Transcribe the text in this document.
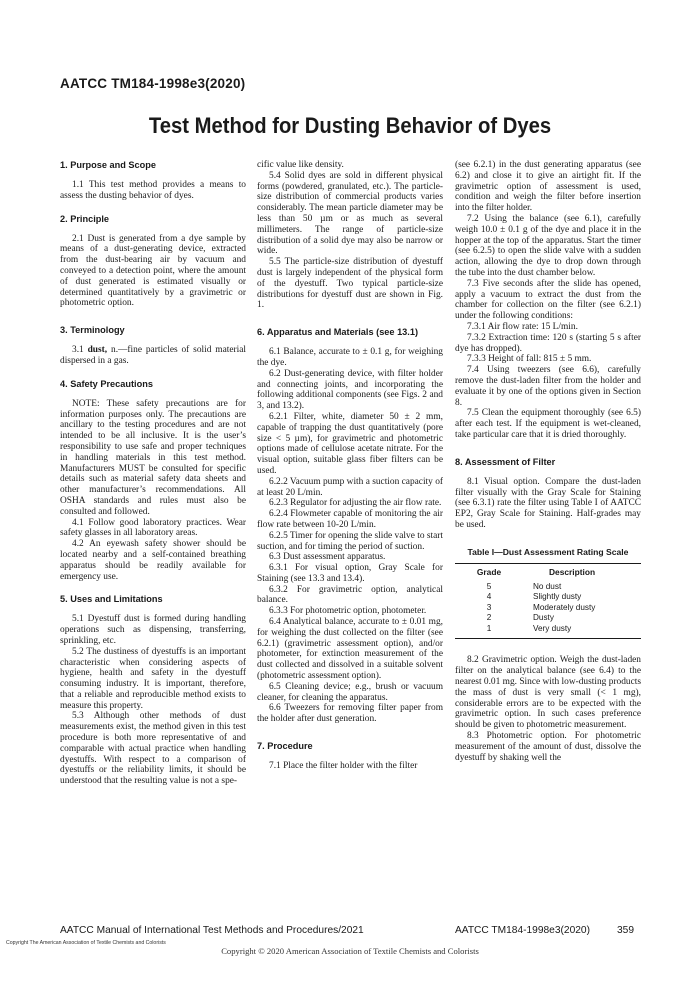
AATCC TM184-1998e3(2020)
Test Method for Dusting Behavior of Dyes
1. Purpose and Scope

1.1 This test method provides a means to assess the dusting behavior of dyes.

2. Principle

2.1 Dust is generated from a dye sample by means of a dust-generating device, extracted from the dust-bearing air by vacuum and conveyed to a detection point, where the amount of dust generated is estimated visually or determined quantitatively by a gravimetric or photometric option.

3. Terminology

3.1 dust, n.—fine particles of solid material dispersed in a gas.

4. Safety Precautions

NOTE: These safety precautions are for information purposes only. The precautions are ancillary to the testing procedures and are not intended to be all inclusive. It is the user’s responsibility to use safe and proper techniques in handling materials in this test method. Manufacturers MUST be consulted for specific details such as material safety data sheets and other manufacturer’s recommendations. All OSHA standards and rules must also be consulted and followed.

4.1 Follow good laboratory practices. Wear safety glasses in all laboratory areas.

4.2 An eyewash safety shower should be located nearby and a self-contained breathing apparatus should be readily available for emergency use.

5. Uses and Limitations

5.1 Dyestuff dust is formed during handling operations such as dispensing, transferring, sprinkling, etc.

5.2 The dustiness of dyestuffs is an important characteristic when considering aspects of hygiene, health and safety in the dyestuff consuming industry. It is important, therefore, that a reliable and reproducible method exists to measure this property.

5.3 Although other methods of dust measurements exist, the method given in this test procedure is both more representative of and comparable with actual practice when handling dyestuffs. With respect to a comparison of dyestuffs or the reliability limits, it should be understood that the resulting value is not a spe-

cific value like density.

5.4 Solid dyes are sold in different physical forms (powdered, granulated, etc.). The particle-size distribution of commercial products varies considerably. The mean particle diameter may be less than 50 µm or as much as several millimeters. The range of particle-size distribution of a solid dye may also be narrow or wide.

5.5 The particle-size distribution of dyestuff dust is largely independent of the physical form of the dyestuff. Two typical particle-size distributions for dyestuff dust are shown in Fig. 1.

6. Apparatus and Materials (see 13.1)

6.1 Balance, accurate to ± 0.1 g, for weighing the dye.

6.2 Dust-generating device, with filter holder and connecting joints, and incorporating the following additional components (see Figs. 2 and 3, and 13.2).

6.2.1 Filter, white, diameter 50 ± 2 mm, capable of trapping the dust quantitatively (pore size < 5 µm), for gravimetric and photometric options made of cellulose acetate nitrate. For the visual option, suitable glass fiber filters can be used.

6.2.2 Vacuum pump with a suction capacity of at least 20 L/min.

6.2.3 Regulator for adjusting the air flow rate.

6.2.4 Flowmeter capable of monitoring the air flow rate between 10-20 L/min.

6.2.5 Timer for opening the slide valve to start suction, and for timing the period of suction.

6.3 Dust assessment apparatus.

6.3.1 For visual option, Gray Scale for Staining (see 13.3 and 13.4).

6.3.2 For gravimetric option, analytical balance.

6.3.3 For photometric option, photometer.

6.4 Analytical balance, accurate to ± 0.01 mg, for weighing the dust collected on the filter (see 6.2.1) (gravimetric assessment option), and/or photometer, for extinction measurement of the dust collected and dissolved in a suitable solvent (photometric assessment option).

6.5 Cleaning device; e.g., brush or vacuum cleaner, for cleaning the apparatus.

6.6 Tweezers for removing filter paper from the holder after dust generation.

7. Procedure

7.1 Place the filter holder with the filter

(see 6.2.1) in the dust generating apparatus (see 6.2) and close it to give an airtight fit. If the gravimetric option of assessment is used, condition and weigh the filter before insertion into the filter holder.

7.2 Using the balance (see 6.1), carefully weigh 10.0 ± 0.1 g of the dye and place it in the hopper at the top of the apparatus. Start the timer (see 6.2.5) to open the slide valve with a sudden action, allowing the dye to drop down through the tube into the dust chamber below.

7.3 Five seconds after the slide has opened, apply a vacuum to extract the dust from the chamber for collection on the filter (see 6.2.1) under the following conditions:

7.3.1 Air flow rate: 15 L/min.

7.3.2 Extraction time: 120 s (starting 5 s after dye has dropped).

7.3.3 Height of fall: 815 ± 5 mm.

7.4 Using tweezers (see 6.6), carefully remove the dust-laden filter from the holder and evaluate it by one of the options given in Section 8.

7.5 Clean the equipment thoroughly (see 6.5) after each test. If the equipment is wet-cleaned, take particular care that it is dried thoroughly.

8. Assessment of Filter

8.1 Visual option. Compare the dust-laden filter visually with the Gray Scale for Staining (see 6.3.1) rate the filter using Table I of AATCC EP2, Gray Scale for Staining. Half-grades may be used.

Table I—Dust Assessment Rating Scale
Grade	Description
5	No dust
4	Slightly dusty
3	Moderately dusty
2	Dusty
1	Very dusty

8.2 Gravimetric option. Weigh the dust-laden filter on the analytical balance (see 6.4) to the nearest 0.01 mg. Since with low-dusting products the mass of dust is very small (< 1 mg), considerable errors are to be expected with the gravimetric option. In such cases preference should be given to photometric measurement.

8.3 Photometric option. For photometric measurement of the amount of dust, dissolve the dyestuff by shaking well the

AATCC Manual of International Test Methods and Procedures/2021	AATCC TM184-1998e3(2020)	359
Copyright The American Association of Textile Chemists and Colorists
Copyright © 2020 American Association of Textile Chemists and Colorists
